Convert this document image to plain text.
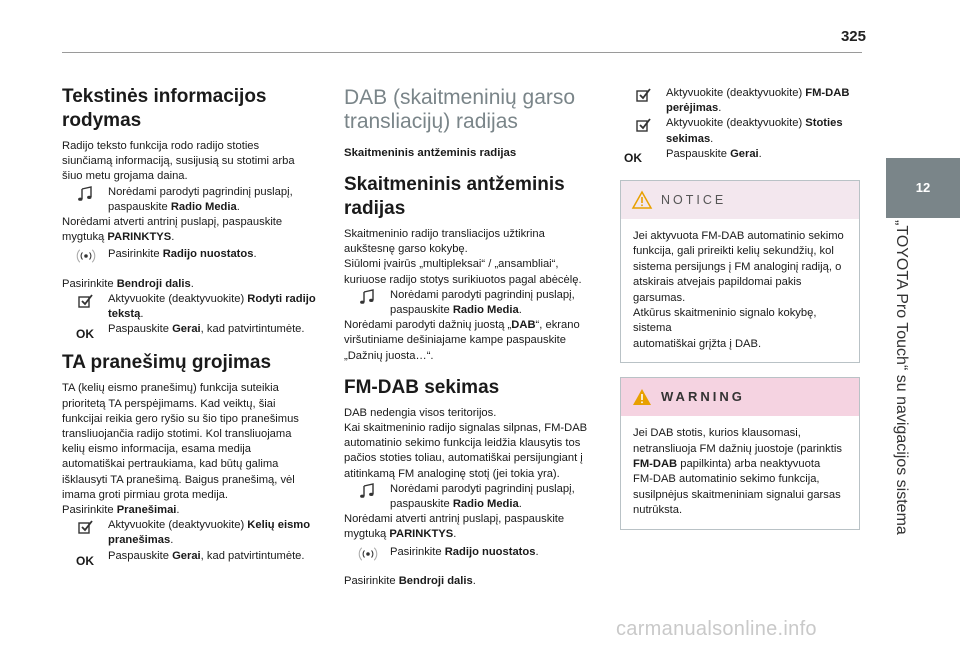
325
12
„TOYOTA Pro Touch“ su navigacijos sistema
Tekstinės informacijos
rodymas

Radijo teksto funkcija rodo radijo stoties
siunčiamą informaciją, susijusią su stotimi arba
šiuo metu grojama daina.

Norėdami parodyti pagrindinį puslapį,
paspauskite Radio Media.

Norėdami atverti antrinį puslapį, paspauskite
mygtuką PARINKTYS.

Pasirinkite Radijo nuostatos.

Pasirinkite Bendroji dalis.

Aktyvuokite (deaktyvuokite) Rodyti radijo
tekstą.
OK Paspauskite Gerai, kad patvirtintumėte.
TA pranešimų grojimas

TA (kelių eismo pranešimų) funkcija suteikia
prioritetą TA perspėjimams. Kad veiktų, šiai
funkcijai reikia gero ryšio su šio tipo pranešimus
transliuojančia radijo stotimi. Kol transliuojama
kelių eismo informacija, esama medija
automatiškai pertraukiama, kad būtų galima
išklausyti TA pranešimą. Baigus pranešimą, vėl
imama groti pirmiau grota medija.
Pasirinkite Pranešimai.

Aktyvuokite (deaktyvuokite) Kelių eismo
pranešimas.
OK Paspauskite Gerai, kad patvirtintumėte.
DAB (skaitmeninių garso
transliacijų) radijas

Skaitmeninis antžeminis radijas

Skaitmeninis antžeminis
radijas

Skaitmeninio radijo transliacijos užtikrina
aukštesnę garso kokybę.
Siūlomi įvairūs „multipleksai“ / „ansambliai“,
kuriuose radijo stotys surikiuotos pagal abėcėlę.

Norėdami parodyti pagrindinį puslapį,
paspauskite Radio Media.

Norėdami parodyti dažnių juostą „DAB“, ekrano
viršutiniame dešiniajame kampe paspauskite
„Dažnių juosta…“.

FM-DAB sekimas

DAB nedengia visos teritorijos.
Kai skaitmeninio radijo signalas silpnas, FM-DAB
automatinio sekimo funkcija leidžia klausytis tos
pačios stoties toliau, automatiškai persijungiant į
atitinkamą FM analoginę stotį (jei tokia yra).

Norėdami parodyti pagrindinį puslapį,
paspauskite Radio Media.

Norėdami atverti antrinį puslapį, paspauskite
mygtuką PARINKTYS.

Pasirinkite Radijo nuostatos.

Pasirinkite Bendroji dalis.

Aktyvuokite (deaktyvuokite) FM-DAB
perėjimas.
Aktyvuokite (deaktyvuokite) Stoties
sekimas.
OK Paspauskite Gerai.
NOTICE
Jei aktyvuota FM-DAB automatinio sekimo
funkcija, gali prireikti kelių sekundžių, kol
sistema persijungs į FM analoginį radiją, o
atskirais atvejais papildomai pakis garsumas.
Atkūrus skaitmeninio signalo kokybę, sistema
automatiškai grįžta į DAB.
WARNING
Jei DAB stotis, kurios klausomasi,
netransliuoja FM dažnių juostoje (parinktis
FM-DAB papilkinta) arba neaktyvuota
FM-DAB automatinio sekimo funkcija,
susilpnėjus skaitmeniniam signalui garsas
nutrūksta.
carmanualsonline.info
